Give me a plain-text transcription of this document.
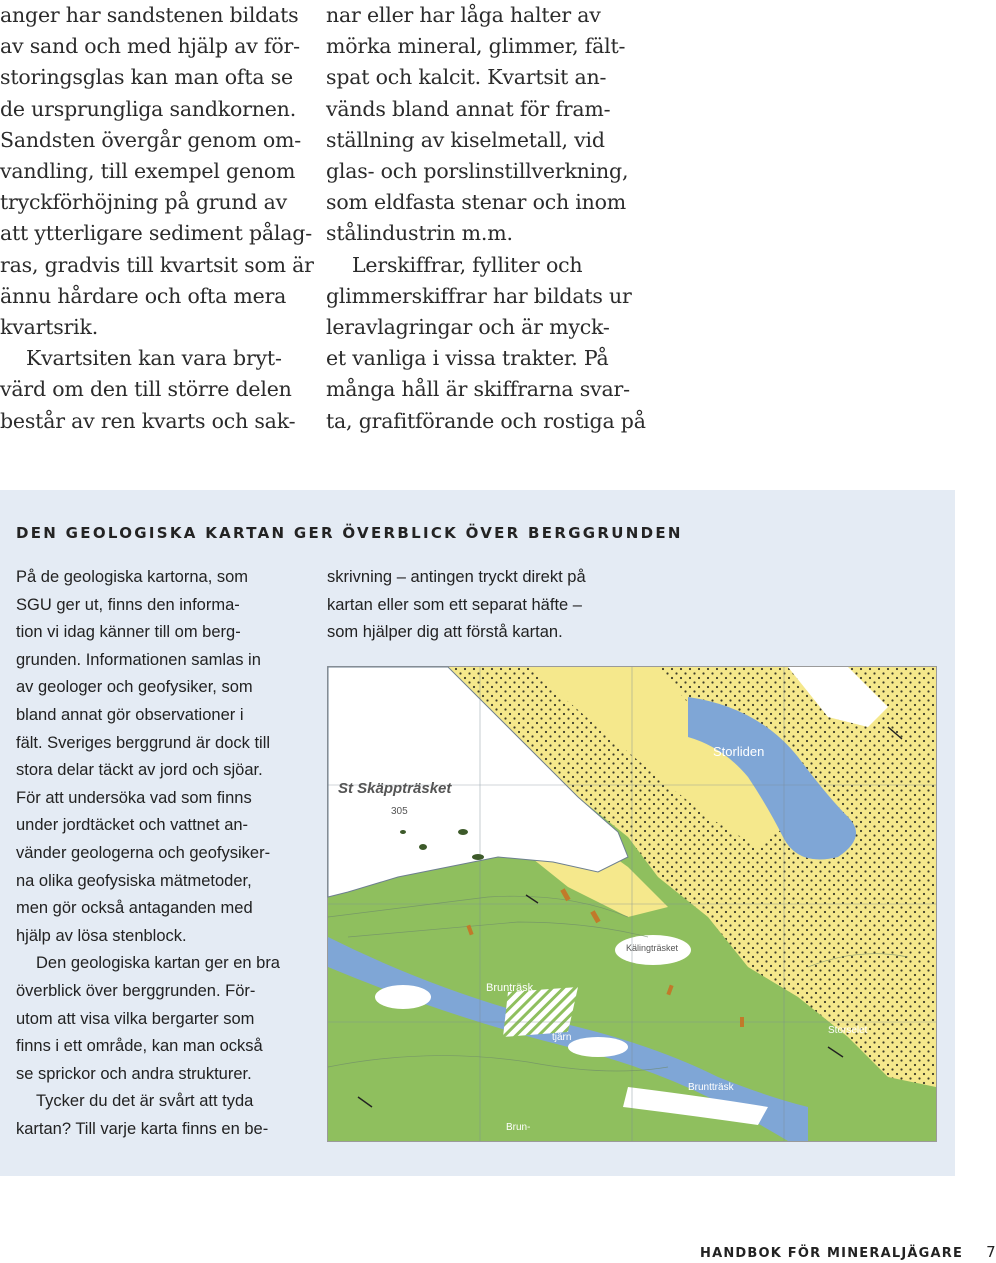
anger har sandstenen bildats
av sand och med hjälp av för-
storingsglas kan man ofta se
de ursprungliga sandkornen.
Sandsten övergår genom om-
vandling, till exempel genom
tryckförhöjning på grund av
att ytterligare sediment pålag-
ras, gradvis till kvartsit som är
ännu hårdare och ofta mera
kvartsrik.
Kvartsiten kan vara bryt-
värd om den till större delen
består av ren kvarts och sak-
nar eller har låga halter av
mörka mineral, glimmer, fält-
spat och kalcit. Kvartsit an-
vänds bland annat för fram-
ställning av kiselmetall, vid
glas- och porslinstillverkning,
som eldfasta stenar och inom
stålindustrin m.m.
Lerskiffrar, fylliter och
glimmerskiffrar har bildats ur
leravlagringar och är myck-
et vanliga i vissa trakter. På
många håll är skiffrarna svar-
ta, grafitförande och rostiga på
DEN GEOLOGISKA KARTAN GER ÖVERBLICK ÖVER BERGGRUNDEN
På de geologiska kartorna, som
SGU ger ut, finns den informa-
tion vi idag känner till om berg-
grunden. Informationen samlas in
av geologer och geofysiker, som
bland annat gör observationer i
fält. Sveriges berggrund är dock till
stora delar täckt av jord och sjöar.
För att undersöka vad som finns
under jordtäcket och vattnet an-
vänder geologerna och geofysiker-
na olika geofysiska mätmetoder,
men gör också antaganden med
hjälp av lösa stenblock.
Den geologiska kartan ger en bra
överblick över berggrunden. För-
utom att visa vilka bergarter som
finns i ett område, kan man också
se sprickor och andra strukturer.
Tycker du det är svårt att tyda
kartan? Till varje karta finns en be-
skrivning – antingen tryckt direkt på
kartan eller som ett separat häfte –
som hjälper dig att förstå kartan.
St Skäppträsket
305
Storliden
Getarliden
Näsliden
Kälingträsket
Brunträsk
tjärn
Storselet
Bruntträsk
Brun-
HANDBOK FÖR MINERALJÄGARE 7
